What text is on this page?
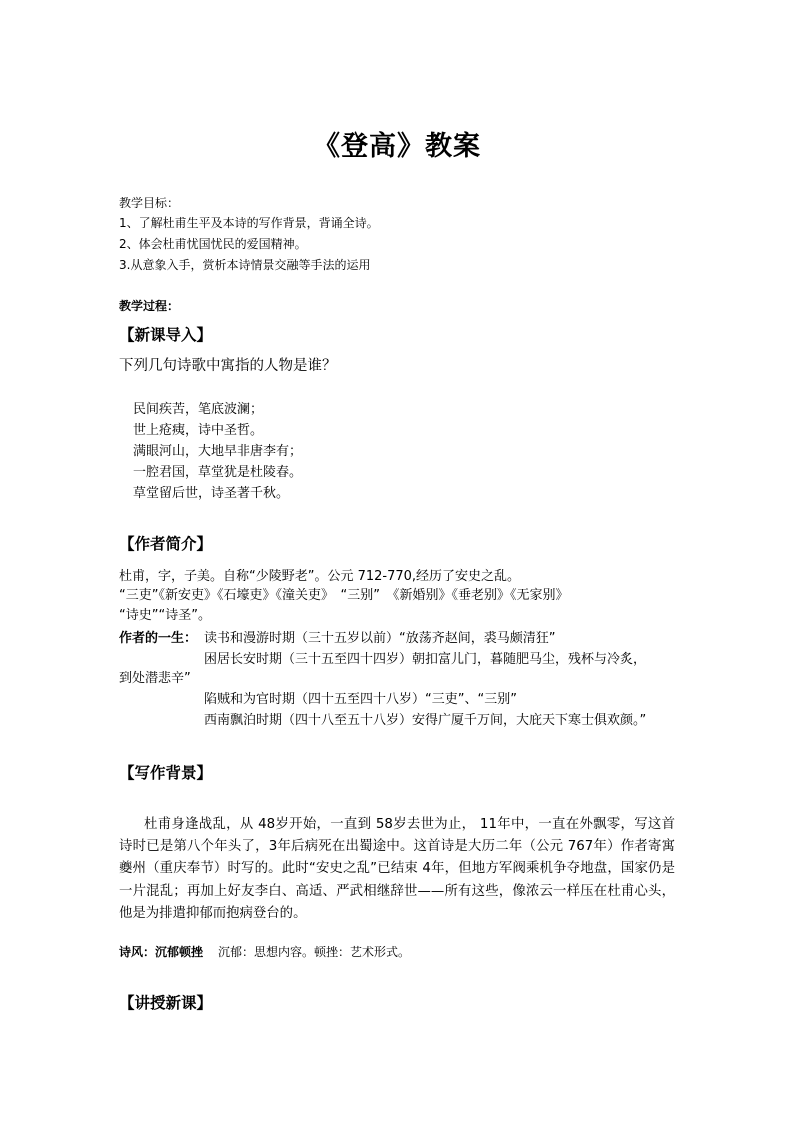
《登高》教案
教学目标：
1、了解杜甫生平及本诗的写作背景，背诵全诗。
2、体会杜甫忧国忧民的爱国精神。
3.从意象入手，赏析本诗情景交融等手法的运用
教学过程：
【新课导入】
下列几句诗歌中寓指的人物是谁？
民间疾苦，笔底波澜；
世上疮痍，诗中圣哲。
满眼河山，大地早非唐李有；
一腔君国，草堂犹是杜陵春。
草堂留后世，诗圣著千秋。
【作者简介】
杜甫，字，子美。自称“少陵野老”。公元 712-770,经历了安史之乱。
“三吏”《新安吏》《石壕吏》《潼关吏》　“三别”　《新婚别》《垂老别》《无家别》
“诗史”“诗圣”。
作者的一生： 读书和漫游时期（三十五岁以前）“放荡齐赵间，裘马颇清狂”
困居长安时期（三十五至四十四岁）朝扣富儿门，暮随肥马尘，残杯与冷炙，
到处潜悲辛”
陷贼和为官时期（四十五至四十八岁）“三吏”、“三别”
西南飘泊时期（四十八至五十八岁）安得广厦千万间，大庇天下寒士俱欢颜。”
【写作背景】
杜甫身逢战乱，从 48岁开始，一直到 58岁去世为止， 11年中，一直在外飘零，写这首诗时已是第八个年头了，3年后病死在出蜀途中。这首诗是大历二年（公元 767年）作者寄寓夔州（重庆奉节）时写的。此时“安史之乱”已结束 4年，但地方军阀乘机争夺地盘，国家仍是一片混乱；再加上好友李白、高适、严武相继辞世——所有这些，像浓云一样压在杜甫心头，他是为排遣抑郁而抱病登台的。
诗风：沉郁顿挫 沉郁：思想内容。顿挫：艺术形式。
【讲授新课】
